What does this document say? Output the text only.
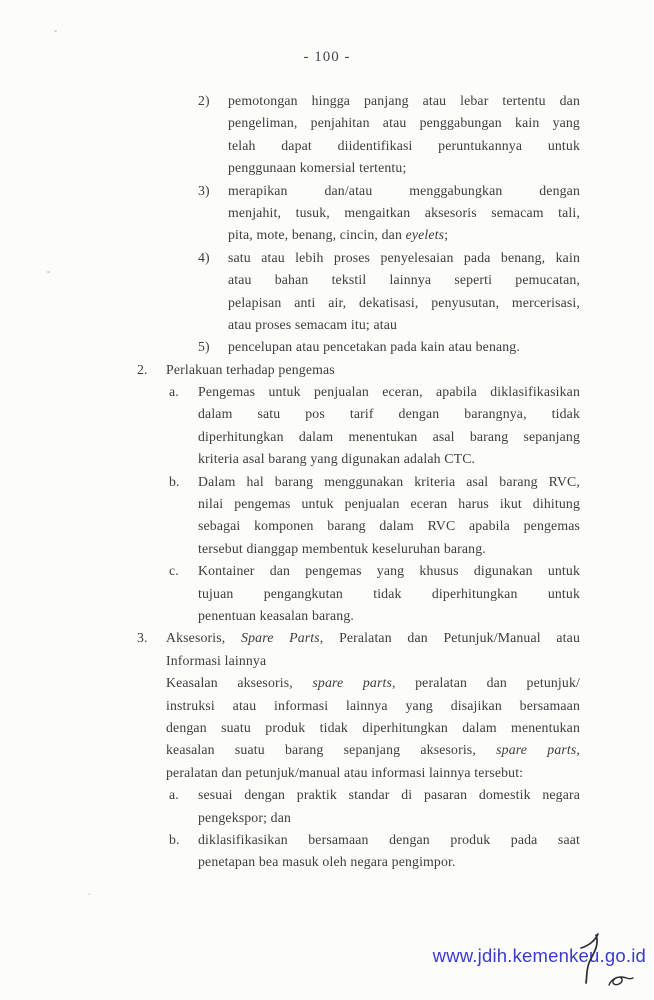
- 100 -
2) pemotongan hingga panjang atau lebar tertentu dan
pengeliman, penjahitan atau penggabungan kain yang
telah dapat diidentifikasi peruntukannya untuk
penggunaan komersial tertentu;
3) merapikan dan/atau menggabungkan dengan
menjahit, tusuk, mengaitkan aksesoris semacam tali,
pita, mote, benang, cincin, dan eyelets;
4) satu atau lebih proses penyelesaian pada benang, kain
atau bahan tekstil lainnya seperti pemucatan,
pelapisan anti air, dekatisasi, penyusutan, mercerisasi,
atau proses semacam itu; atau
5) pencelupan atau pencetakan pada kain atau benang.
2. Perlakuan terhadap pengemas
a. Pengemas untuk penjualan eceran, apabila diklasifikasikan
dalam satu pos tarif dengan barangnya, tidak
diperhitungkan dalam menentukan asal barang sepanjang
kriteria asal barang yang digunakan adalah CTC.
b. Dalam hal barang menggunakan kriteria asal barang RVC,
nilai pengemas untuk penjualan eceran harus ikut dihitung
sebagai komponen barang dalam RVC apabila pengemas
tersebut dianggap membentuk keseluruhan barang.
c. Kontainer dan pengemas yang khusus digunakan untuk
tujuan pengangkutan tidak diperhitungkan untuk
penentuan keasalan barang.
3. Aksesoris, Spare Parts, Peralatan dan Petunjuk/Manual atau
Informasi lainnya
Keasalan aksesoris, spare parts, peralatan dan petunjuk/
instruksi atau informasi lainnya yang disajikan bersamaan
dengan suatu produk tidak diperhitungkan dalam menentukan
keasalan suatu barang sepanjang aksesoris, spare parts,
peralatan dan petunjuk/manual atau informasi lainnya tersebut:
a. sesuai dengan praktik standar di pasaran domestik negara
pengekspor; dan
b. diklasifikasikan bersamaan dengan produk pada saat
penetapan bea masuk oleh negara pengimpor.
www.jdih.kemenkeu.go.id
